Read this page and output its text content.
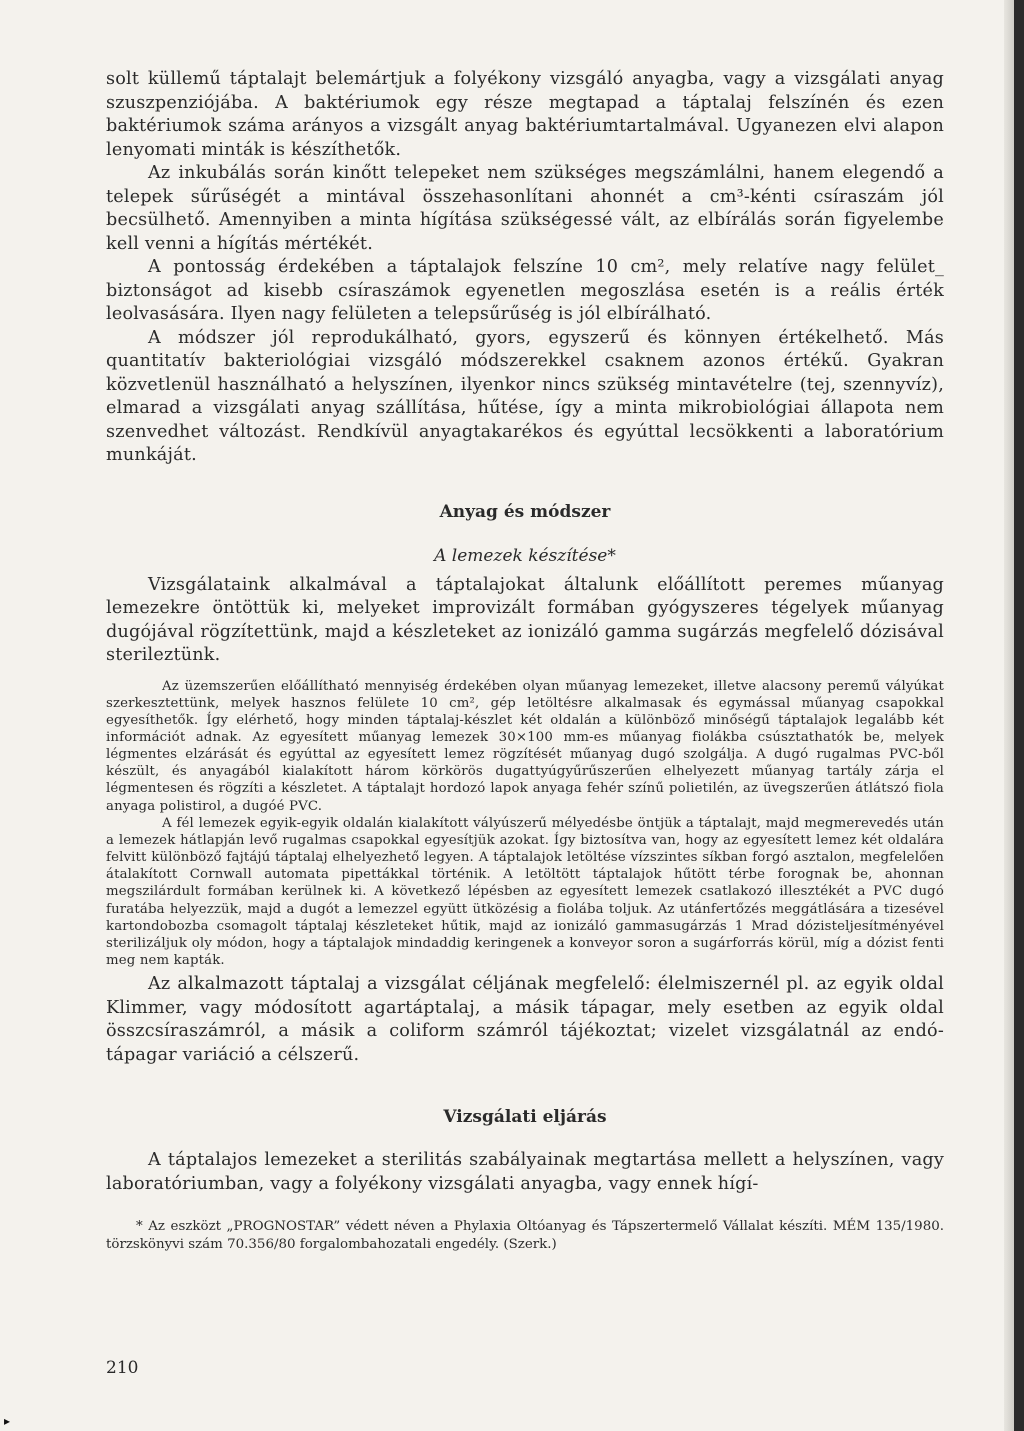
solt küllemű táptalajt belemártjuk a folyékony vizsgáló anyagba, vagy a vizsgálati anyag szuszpenziójába. A baktériumok egy része megtapad a táptalaj felszínén és ezen baktériumok száma arányos a vizsgált anyag baktériumtartalmával. Ugyanezen elvi alapon lenyomati minták is készíthetők.

Az inkubálás során kinőtt telepeket nem szükséges megszámlálni, hanem elegendő a telepek sűrűségét a mintával összehasonlítani ahonnét a cm³-kénti csíraszám jól becsülhető. Amennyiben a minta hígítása szükségessé vált, az elbírálás során figyelembe kell venni a hígítás mértékét.

A pontosság érdekében a táptalajok felszíne 10 cm², mely relatíve nagy felület_ biztonságot ad kisebb csíraszámok egyenetlen megoszlása esetén is a reális érték leolvasására. Ilyen nagy felületen a telepsűrűség is jól elbírálható.

A módszer jól reprodukálható, gyors, egyszerű és könnyen értékelhető. Más quantitatív bakteriológiai vizsgáló módszerekkel csaknem azonos értékű. Gyakran közvetlenül használható a helyszínen, ilyenkor nincs szükség mintavételre (tej, szennyvíz), elmarad a vizsgálati anyag szállítása, hűtése, így a minta mikrobiológiai állapota nem szenvedhet változást. Rendkívül anyagtakarékos és egyúttal lecsökkenti a laboratórium munkáját.

Anyag és módszer

A lemezek készítése*

Vizsgálataink alkalmával a táptalajokat általunk előállított peremes műanyag lemezekre öntöttük ki, melyeket improvizált formában gyógyszeres tégelyek műanyag dugójával rögzítettünk, majd a készleteket az ionizáló gamma sugárzás megfelelő dózisával sterileztünk.

Az üzemszerűen előállítható mennyiség érdekében olyan műanyag lemezeket, illetve alacsony peremű vályúkat szerkesztettünk, melyek hasznos felülete 10 cm², gép letöltésre alkalmasak és egymással műanyag csapokkal egyesíthetők. Így elérhető, hogy minden táptalaj-készlet két oldalán a különböző minőségű táptalajok legalább két információt adnak. Az egyesített műanyag lemezek 30×100 mm-es műanyag fiolákba csúsztathatók be, melyek légmentes elzárását és egyúttal az egyesített lemez rögzítését műanyag dugó szolgálja. A dugó rugalmas PVC-ből készült, és anyagából kialakított három körkörös dugattyúgyűrűszerűen elhelyezett műanyag tartály zárja el légmentesen és rögzíti a készletet. A táptalajt hordozó lapok anyaga fehér színű polietilén, az üvegszerűen átlátszó fiola anyaga polistirol, a dugóé PVC.

A fél lemezek egyik-egyik oldalán kialakított vályúszerű mélyedésbe öntjük a táptalajt, majd megmerevedés után a lemezek hátlapján levő rugalmas csapokkal egyesítjük azokat. Így biztosítva van, hogy az egyesített lemez két oldalára felvitt különböző fajtájú táptalaj elhelyezhető legyen. A táptalajok letöltése vízszintes síkban forgó asztalon, megfelelően átalakított Cornwall automata pipettákkal történik. A letöltött táptalajok hűtött térbe forognak be, ahonnan megszilárdult formában kerülnek ki. A következő lépésben az egyesített lemezek csatlakozó illesztékét a PVC dugó furatába helyezzük, majd a dugót a lemezzel együtt ütközésig a fiolába toljuk. Az utánfertőzés meggátlására a tizesével kartondobozba csomagolt táptalaj készleteket hűtik, majd az ionizáló gammasugárzás 1 Mrad dózisteljesítményével sterilizáljuk oly módon, hogy a táptalajok mindaddig keringenek a konveyor soron a sugárforrás körül, míg a dózist fenti meg nem kapták.

Az alkalmazott táptalaj a vizsgálat céljának megfelelő: élelmiszernél pl. az egyik oldal Klimmer, vagy módosított agartáptalaj, a másik tápagar, mely esetben az egyik oldal összcsíraszámról, a másik a coliform számról tájékoztat; vizelet vizsgálatnál az endó-tápagar variáció a célszerű.

Vizsgálati eljárás

A táptalajos lemezeket a sterilitás szabályainak megtartása mellett a helyszínen, vagy laboratóriumban, vagy a folyékony vizsgálati anyagba, vagy ennek hígí-

* Az eszközt „PROGNOSTAR” védett néven a Phylaxia Oltóanyag és Tápszertermelő Vállalat készíti. MÉM 135/1980. törzskönyvi szám 70.356/80 forgalombahozatali engedély. (Szerk.)

210

▸
